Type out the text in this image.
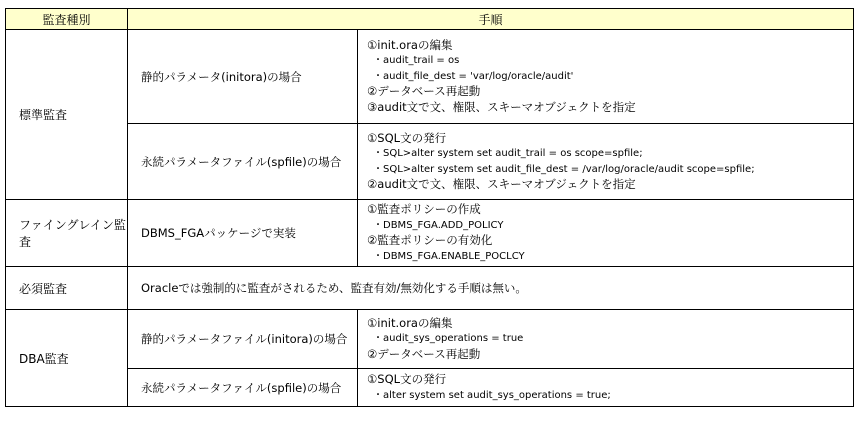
監査種別	手順	
標準監査	静的パラメータ(initora)の場合	①init.oraの編集
・audit_trail = os
・audit_file_dest = 'var/log/oracle/audit'
②データベース再起動
③audit文で文、権限、スキーマオブジェクトを指定

	永続パラメータファイル(spfile)の場合	①SQL文の発行
・SQL>alter system set audit_trail = os scope=spfile;
・SQL>alter system set audit_file_dest = /var/log/oracle/audit scope=spfile;
②audit文で文、権限、スキーマオブジェクトを指定

ファイングレイン監査	DBMS_FGAパッケージで実装	①監査ポリシーの作成
・DBMS_FGA.ADD_POLICY
②監査ポリシーの有効化
・DBMS_FGA.ENABLE_POCLCY

必須監査	Oracleでは強制的に監査がされるため、監査有効/無効化する手順は無い。	
DBA監査	静的パラメータファイル(initora)の場合	①init.oraの編集
・audit_sys_operations = true
②データベース再起動

	永続パラメータファイル(spfile)の場合	①SQL文の発行
・alter system set audit_sys_operations = true;
